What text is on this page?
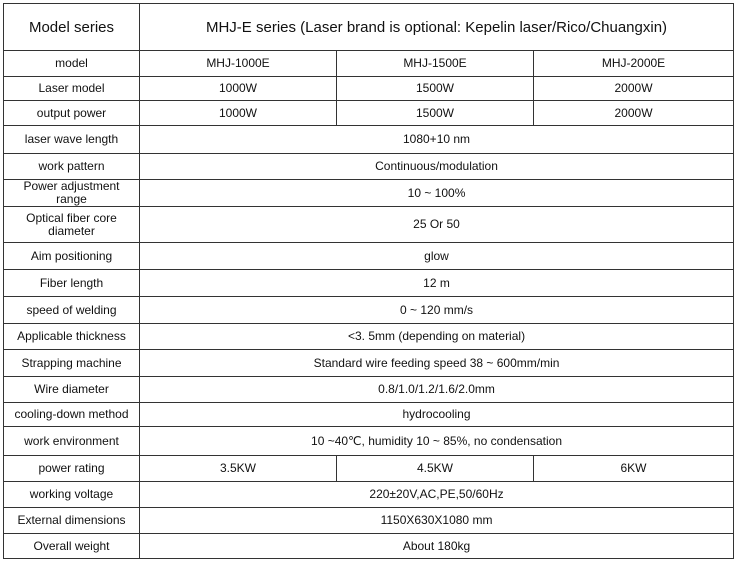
Model series	MHJ-E series (Laser brand is optional: Kepelin laser/Rico/Chuangxin)		
model	MHJ-1000E	MHJ-1500E	MHJ-2000E
Laser model	1000W	1500W	2000W
output power	1000W	1500W	2000W
laser wave length	1080+10 nm		
work pattern	Continuous/modulation		
Power adjustment range	10 ~ 100%		
Optical fiber core diameter	25 Or 50		
Aim positioning	glow		
Fiber length	12 m		
speed of welding	0 ~ 120 mm/s		
Applicable thickness	<3. 5mm (depending on material)		
Strapping machine	Standard wire feeding speed 38 ~ 600mm/min		
Wire diameter	0.8/1.0/1.2/1.6/2.0mm		
cooling-down method	hydrocooling		
work environment	10 ~40℃, humidity 10 ~ 85%, no condensation		
power rating	3.5KW	4.5KW	6KW
working voltage	220±20V,AC,PE,50/60Hz		
External dimensions	1150X630X1080 mm		
Overall weight	About 180kg		
